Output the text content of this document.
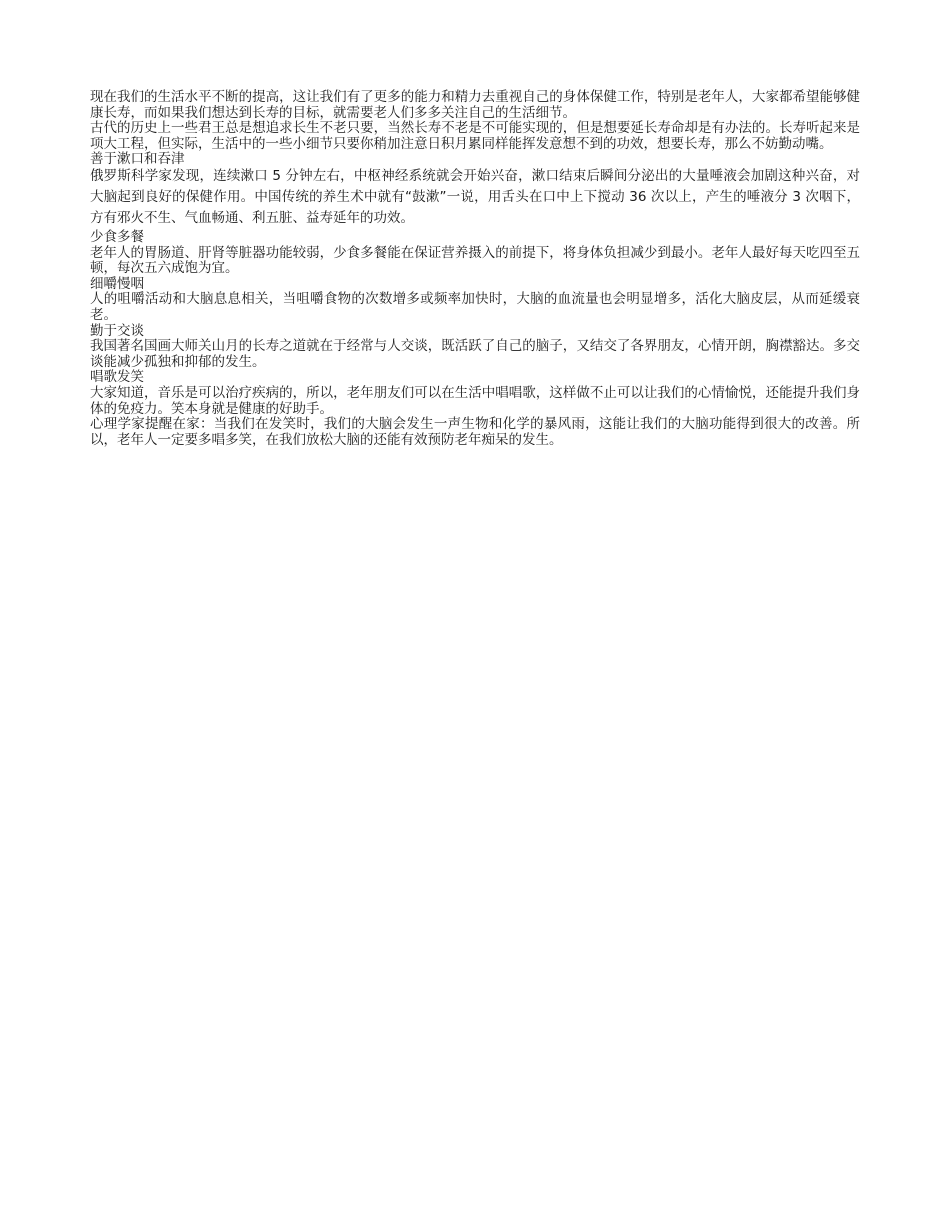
现在我们的生活水平不断的提高，这让我们有了更多的能力和精力去重视自己的身体保健工作，特别是老年人，大家都希望能够健康长寿，而如果我们想达到长寿的目标，就需要老人们多多关注自己的生活细节。

古代的历史上一些君王总是想追求长生不老只要，当然长寿不老是不可能实现的，但是想要延长寿命却是有办法的。长寿听起来是项大工程，但实际，生活中的一些小细节只要你稍加注意日积月累同样能挥发意想不到的功效，想要长寿，那么不妨勤动嘴。

善于漱口和吞津

俄罗斯科学家发现，连续漱口 5 分钟左右，中枢神经系统就会开始兴奋，漱口结束后瞬间分泌出的大量唾液会加剧这种兴奋，对大脑起到良好的保健作用。中国传统的养生术中就有“鼓漱”一说，用舌头在口中上下搅动 36 次以上，产生的唾液分 3 次咽下，方有邪火不生、气血畅通、利五脏、益寿延年的功效。

少食多餐

老年人的胃肠道、肝肾等脏器功能较弱，少食多餐能在保证营养摄入的前提下，将身体负担减少到最小。老年人最好每天吃四至五顿，每次五六成饱为宜。

细嚼慢咽

人的咀嚼活动和大脑息息相关，当咀嚼食物的次数增多或频率加快时，大脑的血流量也会明显增多，活化大脑皮层，从而延缓衰老。

勤于交谈

我国著名国画大师关山月的长寿之道就在于经常与人交谈，既活跃了自己的脑子，又结交了各界朋友，心情开朗，胸襟豁达。多交谈能减少孤独和抑郁的发生。

唱歌发笑

大家知道，音乐是可以治疗疾病的，所以，老年朋友们可以在生活中唱唱歌，这样做不止可以让我们的心情愉悦，还能提升我们身体的免疫力。笑本身就是健康的好助手。

心理学家提醒在家：当我们在发笑时，我们的大脑会发生一声生物和化学的暴风雨，这能让我们的大脑功能得到很大的改善。所以，老年人一定要多唱多笑，在我们放松大脑的还能有效预防老年痴呆的发生。
